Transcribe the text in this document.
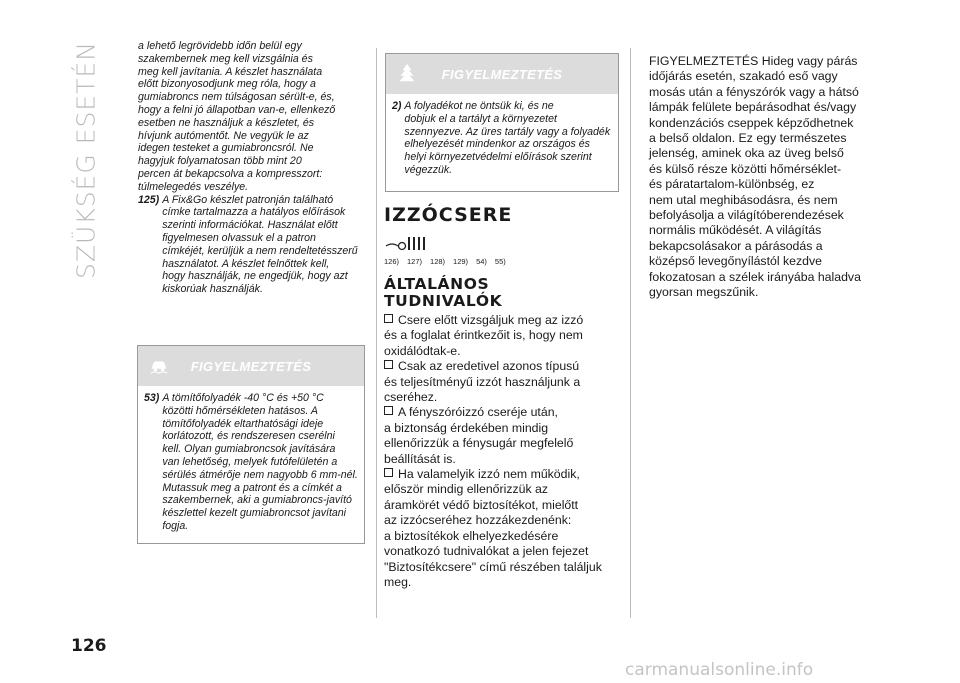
SZÜKSÉG ESETÉN
126
carmanualsonline.info

a lehető legrövidebb időn belül egy

szakembernek meg kell vizsgálnia és

meg kell javítania. A készlet használata

előtt bizonyosodjunk meg róla, hogy a

gumiabroncs nem túlságosan sérült-e, és,

hogy a felni jó állapotban van-e, ellenkező

esetben ne használjuk a készletet, és

hívjunk autómentőt. Ne vegyük le az

idegen testeket a gumiabroncsról. Ne

hagyjuk folyamatosan több mint 20

percen át bekapcsolva a kompresszort:

túlmelegedés veszélye.

125) A Fix&Go készlet patronján található

címke tartalmazza a hatályos előírások

szerinti információkat. Használat előtt

figyelmesen olvassuk el a patron

címkéjét, kerüljük a nem rendeltetésszerű

használatot. A készlet felnőttek kell,

hogy használják, ne engedjük, hogy azt

kiskorúak használják.

FIGYELMEZTETÉS

53) A tömítőfolyadék -40 °C és +50 °C

közötti hőmérsékleten hatásos. A

tömítőfolyadék eltarthatósági ideje

korlátozott, és rendszeresen cserélni

kell. Olyan gumiabroncsok javítására

van lehetőség, melyek futófelületén a

sérülés átmérője nem nagyobb 6 mm-nél.

Mutassuk meg a patront és a címkét a

szakembernek, aki a gumiabroncs-javító

készlettel kezelt gumiabroncsot javítani

fogja.

FIGYELMEZTETÉS

2) A folyadékot ne öntsük ki, és ne

dobjuk el a tartályt a környezetet

szennyezve. Az üres tartály vagy a folyadék

elhelyezését mindenkor az országos és

helyi környezetvédelmi előírások szerint

végezzük.

IZZÓCSERE
126) 127) 128) 129) 54) 55)

ÁLTALÁNOS

TUDNIVALÓK

Csere előtt vizsgáljuk meg az izzó

és a foglalat érintkezőit is, hogy nem

oxidálódtak-e.

Csak az eredetivel azonos típusú

és teljesítményű izzót használjunk a

cseréhez.

A fényszóróizzó cseréje után,

a biztonság érdekében mindig

ellenőrizzük a fénysugár megfelelő

beállítását is.

Ha valamelyik izzó nem működik,

először mindig ellenőrizzük az

áramkörét védő biztosítékot, mielőtt

az izzócseréhez hozzákezdenénk:

a biztosítékok elhelyezkedésére

vonatkozó tudnivalókat a jelen fejezet

"Biztosítékcsere" című részében találjuk

meg.

FIGYELMEZTETÉS Hideg vagy párás

időjárás esetén, szakadó eső vagy

mosás után a fényszórók vagy a hátsó

lámpák felülete bepárásodhat és/vagy

kondenzációs cseppek képződhetnek

a belső oldalon. Ez egy természetes

jelenség, aminek oka az üveg belső

és külső része közötti hőmérséklet-

és páratartalom-különbség, ez

nem utal meghibásodásra, és nem

befolyásolja a világítóberendezések

normális működését. A világítás

bekapcsolásakor a párásodás a

középső levegőnyílástól kezdve

fokozatosan a szélek irányába haladva

gyorsan megszűnik.
